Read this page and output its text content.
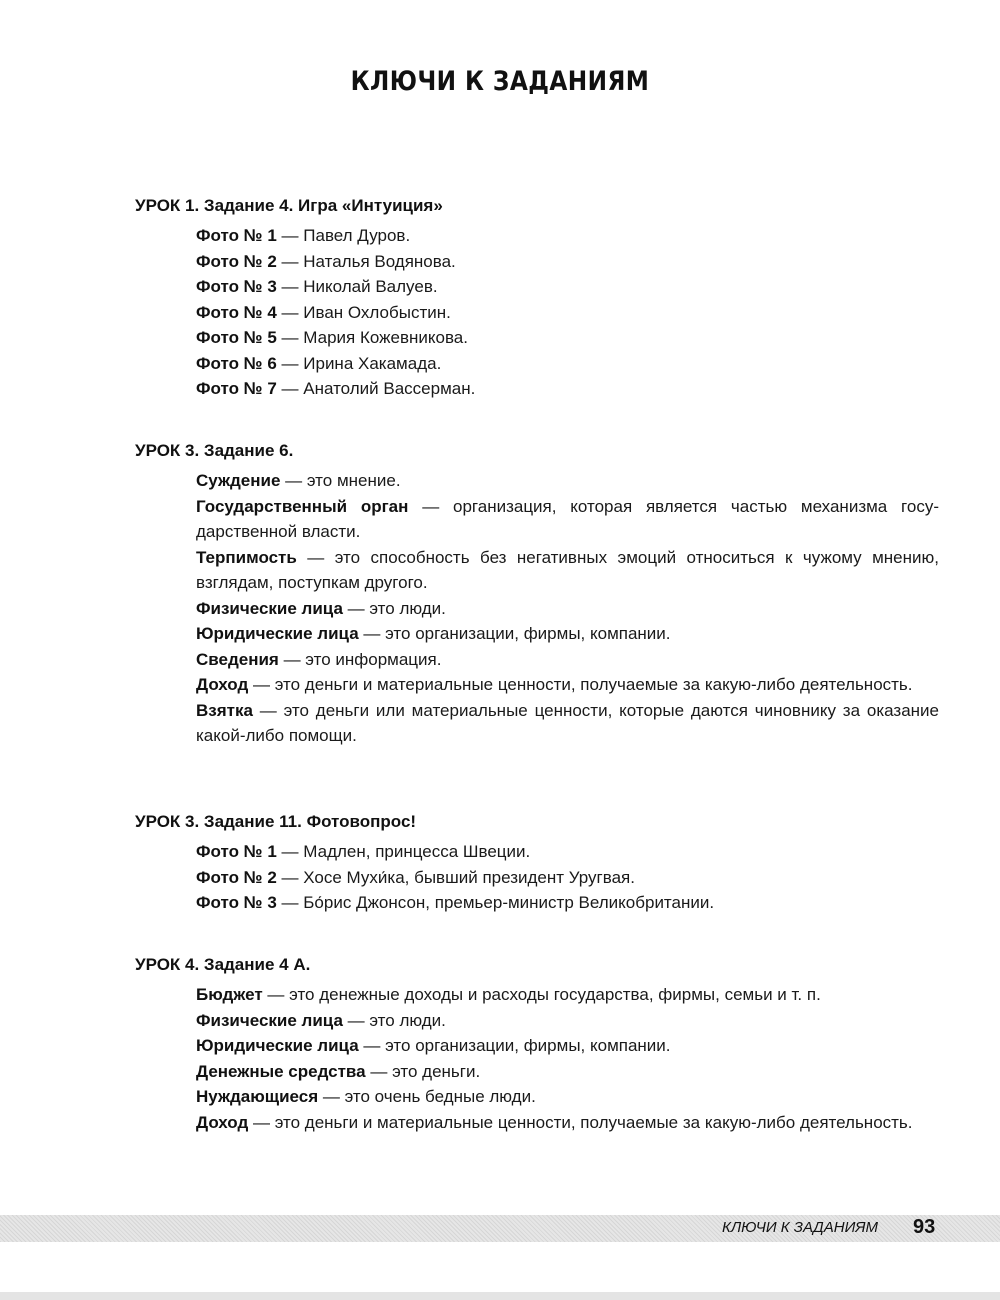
КЛЮЧИ К ЗАДАНИЯМ
УРОК 1. Задание 4. Игра «Интуиция»
Фото № 1 — Павел Дуров.
Фото № 2 — Наталья Водянова.
Фото № 3 — Николай Валуев.
Фото № 4 — Иван Охлобыстин.
Фото № 5 — Мария Кожевникова.
Фото № 6 — Ирина Хакамада.
Фото № 7 — Анатолий Вассерман.
УРОК 3. Задание 6.
Суждение — это мнение.
Государственный орган — организация, которая является частью механизма государственной власти.
Терпимость — это способность без негативных эмоций относиться к чужому мнению, взглядам, поступкам другого.
Физические лица — это люди.
Юридические лица — это организации, фирмы, компании.
Сведения — это информация.
Доход — это деньги и материальные ценности, получаемые за какую-либо деятельность.
Взятка — это деньги или материальные ценности, которые даются чиновнику за оказание какой-либо помощи.
УРОК 3. Задание 11. Фотовопрос!
Фото № 1 — Мадлен, принцесса Швеции.
Фото № 2 — Хосе Мухи́ка, бывший президент Уругвая.
Фото № 3 — Бо́рис Джонсон, премьер-министр Великобритании.
УРОК 4. Задание 4 А.
Бюджет — это денежные доходы и расходы государства, фирмы, семьи и т. п.
Физические лица — это люди.
Юридические лица — это организации, фирмы, компании.
Денежные средства — это деньги.
Нуждающиеся — это очень бедные люди.
Доход — это деньги и материальные ценности, получаемые за какую-либо деятельность.
КЛЮЧИ К ЗАДАНИЯМ 93
